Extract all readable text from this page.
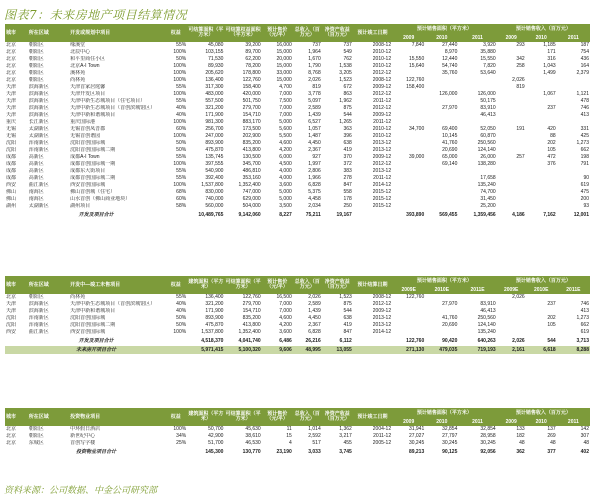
图表7：未来房地产项目结算情况
城市	所在区域	开发或规划中项目	权益	可结算面积（平方米）	可结算权益面积（平方米）	预计售价（元/平）	总收入（百万元）	净资产收益（百万元）	预计竣工日期	预计销售面积（平方米）			预计销售收入（百万元）		
										2009	2010	2011	2009	2010	2011
北京	朝阳区	缘溪堂	55%	45,080	39,200	16,000	737	737	2008-12	7,840	27,440	3,920	293	1,185	187
北京	朝阳区	北辰中心	100%	103,155	89,700	15,000	1,964	549	2010-12		8,970	35,880		171	754
北京	朝阳区	和平里商住小区	50%	71,530	62,200	20,000	1,670	762	2010-12	15,550	12,440	15,550	342	316	436
北京	朝阳区	北京A-I Town	100%	89,930	78,200	15,000	1,790	1,538	2010-12	15,640	54,740	7,820	258	1,043	164
北京	朝阳区	溪林苑	100%	205,620	178,800	33,000	8,768	3,205	2012-12		35,760	53,640		1,499	2,379
北京	朝阳区	尚林苑	100%	136,400	122,760	15,000	2,026	1,523	2008-12	122,760			2,026		
天津	滨海新区	天津首家居庭馨	55%	317,300	158,400	4,700	819	672	2009-12	158,400			819		
天津	滨海新区	天津开发区项目	100%	483,000	420,000	7,000	3,778	863	2012-12		126,000	126,000		1,067	1,121
天津	滨海新区	天津中新生态城项目（住宅项目）	55%	557,500	501,750	7,500	5,097	1,962	2011-12			50,175			478
天津	滨海新区	天津中新生态城项目（首创滨城馆区）	40%	321,200	279,700	7,000	2,589	875	2012-12		27,970	83,910		237	746
天津	滨海新区	天津中新和谐城项目	40%	171,900	154,710	7,000	1,439	544	2009-12			46,413			413
重庆	长江新区	重庆国际港	100%	981,300	883,170	5,000	6,527	1,265	2011-12						
无锡	太湖新区	无锡首创凤晋郡	60%	256,700	173,500	5,600	1,057	363	2010-12	34,700	69,400	52,050	191	420	331
无锡	太湖新区	无锡首创谐园	100%	247,000	202,900	5,500	1,487	396	2010-12		10,145	60,870		88	425
沈阳	浑南新区	沈阳首创国际城	50%	893,900	835,200	4,600	4,450	638	2013-12		41,760	250,560		202	1,273
沈阳	浑南新区	沈阳首创国际城二期	50%	475,870	413,800	4,200	2,367	419	2013-12		20,690	124,140		105	662
成都	高新区	成都A-I Town	55%	135,745	130,500	6,000	927	370	2009-12	39,000	65,000	26,000	257	472	198
成都	高新区	成都首创国际城一期	100%	397,555	345,700	4,500	1,997	372	2012-12		69,140	138,280		376	791
成都	高新区	成都东大街项目	55%	540,900	486,810	4,000	2,806	383	2013-12						
成都	高新区	成都首创国际城二期	55%	392,400	353,160	4,000	1,966	278	2011-12			17,658			90
西安	曲江新区	西安首创国际城	100%	1,537,800	1,352,400	3,600	6,828	847	2014-12			135,240			619
佛山	南海区	佛山首创城（住宅）	68%	830,000	747,000	5,000	5,375	558	2015-12			74,700			475
佛山	南海区	山水首创（佛山商业地块）	60%	740,000	629,000	5,000	4,458	178	2015-12			31,450			200
湖州	太湖新区	湖州项目	58%	560,000	504,000	3,500	2,034	250	2015-12			25,200			93
开发及项目合计				10,489,765	9,142,060	8,227	75,211	19,167		393,890	569,455	1,359,456	4,186	7,162	12,001
城市	所在区域	开发中—竣工未售项目	权益	建筑面积（平方米）	可结算面积（平方米）	预计售价（元/平）	总收入（百万元）	净资产收益（百万元）	预计结算日期	预计销售面积（平方米）			预计销售收入（百万元）		
										2009E	2010E	2011E	2009E	2010E	2011E
北京	朝阳区	尚林苑	55%	136,400	122,760	16,500	2,026	1,523	2008-12	122,760			2,026		
天津	滨海新区	天津中新生态城项目（首创滨城馆区）	40%	321,200	279,700	7,000	2,589	875	2012-12		27,970	83,910		237	746
天津	滨海新区	天津中新和谐城项目	40%	171,900	154,710	7,000	1,439	544	2009-12			46,413			413
沈阳	浑南新区	沈阳首创国际城	50%	893,900	835,200	4,600	4,450	638	2013-12		41,760	250,560		202	1,273
沈阳	浑南新区	沈阳首创国际城二期	50%	475,870	413,800	4,200	2,367	419	2013-12		20,690	124,140		105	662
西安	曲江新区	西安首创国际城	100%	1,537,800	1,352,400	3,600	6,828	847	2014-12			135,240			619
开发及项目合计				4,518,370	4,041,740	6,486	26,216	6,112		122,760	90,420	640,263	2,026	544	3,713
未来房开项目合计				5,971,415	5,100,320	9,606	48,995	13,055		271,130	479,035	719,193	2,161	6,618	8,288
城市	所在区域	投资物业项目	权益	建筑面积（平方米）	可结算面积（平方米）	预计售价（元/平）	总收入（百万元）	净资产收益（百万元）	预计竣工日期	预计销售面积（平方米）			预计销售收入（百万元）		
										2009	2010	2011	2009	2010	2011
北京	朝阳区	中环假日酒店	100%	50,700	45,630	11	1,014	1,362	2004-12	31,941	32,854	32,854	133	137	142
北京	朝阳区	新世纪中心	34%	42,900	38,610	15	2,592	3,217	2011-12	27,027	27,797	28,958	182	269	307
北京	东城区	首创写字楼	25%	51,700	46,530	4	517	455	2005-12	30,245	30,245	30,245	48	48	48
投资物业项目合计				145,300	130,770	23,190	3,033	3,745		89,213	90,125	92,056	362	377	402
资料来源：公司数据、中金公司研究部
